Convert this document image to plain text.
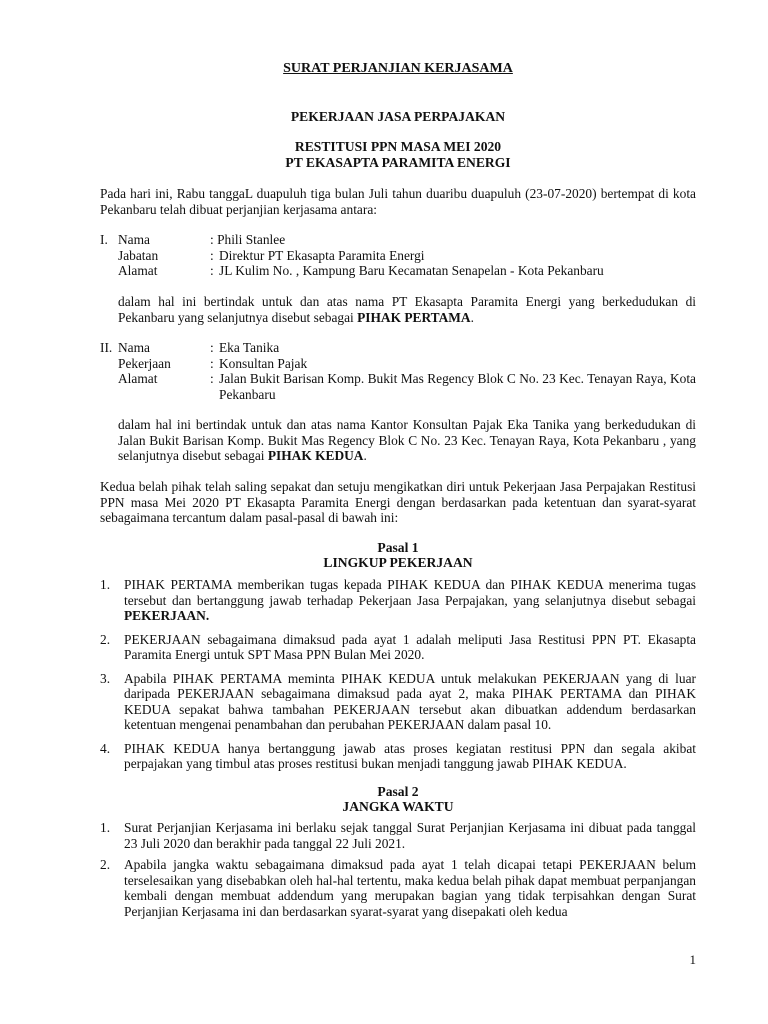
SURAT PERJANJIAN KERJASAMA
PEKERJAAN JASA PERPAJAKAN
RESTITUSI PPN MASA MEI 2020
PT EKASAPTA PARAMITA ENERGI
Pada hari ini, Rabu tanggaL duapuluh tiga bulan Juli tahun duaribu duapuluh (23-07-2020) bertempat di kota Pekanbaru telah dibuat perjanjian kerjasama antara:
I. Nama	: Phili Stanlee
Jabatan	: Direktur PT Ekasapta Paramita Energi
Alamat	: JL Kulim No. , Kampung Baru Kecamatan Senapelan - Kota Pekanbaru
dalam hal ini bertindak untuk dan atas nama PT Ekasapta Paramita Energi yang berkedudukan di Pekanbaru yang selanjutnya disebut sebagai PIHAK PERTAMA.
II. Nama	: Eka Tanika
Pekerjaan	: Konsultan Pajak
Alamat	: Jalan Bukit Barisan Komp. Bukit Mas Regency Blok C No. 23 Kec. Tenayan Raya, Kota Pekanbaru
dalam hal ini bertindak untuk dan atas nama Kantor Konsultan Pajak Eka Tanika yang berkedudukan di Jalan Bukit Barisan Komp. Bukit Mas Regency Blok C No. 23 Kec. Tenayan Raya, Kota Pekanbaru , yang selanjutnya disebut sebagai PIHAK KEDUA.
Kedua belah pihak telah saling sepakat dan setuju mengikatkan diri untuk Pekerjaan Jasa Perpajakan Restitusi PPN masa Mei 2020 PT Ekasapta Paramita Energi dengan berdasarkan pada ketentuan dan syarat-syarat sebagaimana tercantum dalam pasal-pasal di bawah ini:
Pasal 1
LINGKUP PEKERJAAN
1.	PIHAK PERTAMA memberikan tugas kepada PIHAK KEDUA dan PIHAK KEDUA menerima tugas tersebut dan bertanggung jawab terhadap Pekerjaan Jasa Perpajakan, yang selanjutnya disebut sebagai PEKERJAAN.
2.	PEKERJAAN sebagaimana dimaksud pada ayat 1 adalah meliputi Jasa Restitusi PPN PT. Ekasapta Paramita Energi untuk SPT Masa PPN Bulan Mei 2020.
3.	Apabila PIHAK PERTAMA meminta PIHAK KEDUA untuk melakukan PEKERJAAN yang di luar daripada PEKERJAAN sebagaimana dimaksud pada ayat 2, maka PIHAK PERTAMA dan PIHAK KEDUA sepakat bahwa tambahan PEKERJAAN tersebut akan dibuatkan addendum berdasarkan ketentuan mengenai penambahan dan perubahan PEKERJAAN dalam pasal 10.
4.	PIHAK KEDUA hanya bertanggung jawab atas proses kegiatan restitusi PPN dan segala akibat perpajakan yang timbul atas proses restitusi bukan menjadi tanggung jawab PIHAK KEDUA.
Pasal 2
JANGKA WAKTU
1.	Surat Perjanjian Kerjasama ini berlaku sejak tanggal Surat Perjanjian Kerjasama ini dibuat pada tanggal 23 Juli 2020 dan berakhir pada tanggal 22 Juli 2021.
2.	Apabila jangka waktu sebagaimana dimaksud pada ayat 1 telah dicapai tetapi PEKERJAAN belum terselesaikan yang disebabkan oleh hal-hal tertentu, maka kedua belah pihak dapat membuat perpanjangan kembali dengan membuat addendum yang merupakan bagian yang tidak terpisahkan dengan Surat Perjanjian Kerjasama ini dan berdasarkan syarat-syarat yang disepakati oleh kedua
1
